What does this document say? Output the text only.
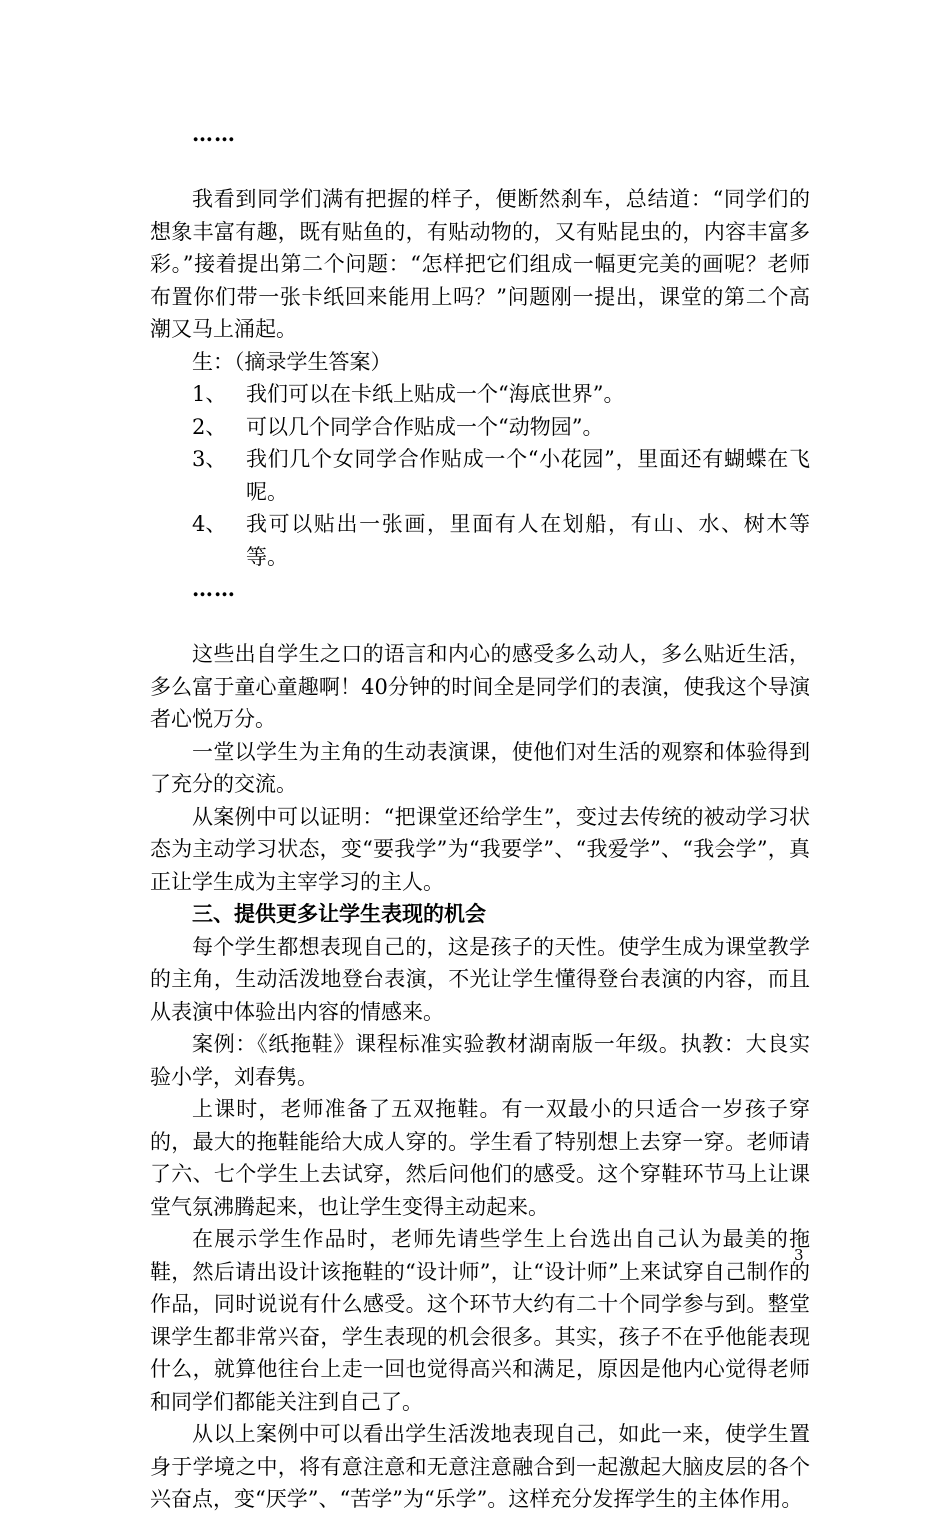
……

我看到同学们满有把握的样子，便断然刹车，总结道：“同学们的想象丰富有趣，既有贴鱼的，有贴动物的，又有贴昆虫的，内容丰富多彩。”接着提出第二个问题：“怎样把它们组成一幅更完美的画呢？老师布置你们带一张卡纸回来能用上吗？”问题刚一提出，课堂的第二个高潮又马上涌起。

生：（摘录学生答案）

1、 我们可以在卡纸上贴成一个“海底世界”。
2、 可以几个同学合作贴成一个“动物园”。
3、 我们几个女同学合作贴成一个“小花园”，里面还有蝴蝶在飞呢。
4、 我可以贴出一张画，里面有人在划船，有山、水、树木等等。

……

这些出自学生之口的语言和内心的感受多么动人，多么贴近生活，多么富于童心童趣啊！40分钟的时间全是同学们的表演，使我这个导演者心悦万分。

一堂以学生为主角的生动表演课，使他们对生活的观察和体验得到了充分的交流。

从案例中可以证明：“把课堂还给学生”，变过去传统的被动学习状态为主动学习状态，变“要我学”为“我要学”、“我爱学”、“我会学”，真正让学生成为主宰学习的主人。

三、提供更多让学生表现的机会

每个学生都想表现自己的，这是孩子的天性。使学生成为课堂教学的主角，生动活泼地登台表演，不光让学生懂得登台表演的内容，而且从表演中体验出内容的情感来。

案例：《纸拖鞋》课程标准实验教材湖南版一年级。执教：大良实验小学，刘春隽。

上课时，老师准备了五双拖鞋。有一双最小的只适合一岁孩子穿的，最大的拖鞋能给大成人穿的。学生看了特别想上去穿一穿。老师请了六、七个学生上去试穿，然后问他们的感受。这个穿鞋环节马上让课堂气氛沸腾起来，也让学生变得主动起来。

在展示学生作品时，老师先请些学生上台选出自己认为最美的拖鞋，然后请出设计该拖鞋的“设计师”，让“设计师”上来试穿自己制作的作品，同时说说有什么感受。这个环节大约有二十个同学参与到。整堂课学生都非常兴奋，学生表现的机会很多。其实，孩子不在乎他能表现什么，就算他往台上走一回也觉得高兴和满足，原因是他内心觉得老师和同学们都能关注到自己了。

从以上案例中可以看出学生活泼地表现自己，如此一来，使学生置身于学境之中，将有意注意和无意注意融合到一起激起大脑皮层的各个兴奋点，变“厌学”、“苦学”为“乐学”。这样充分发挥学生的主体作用。

3
